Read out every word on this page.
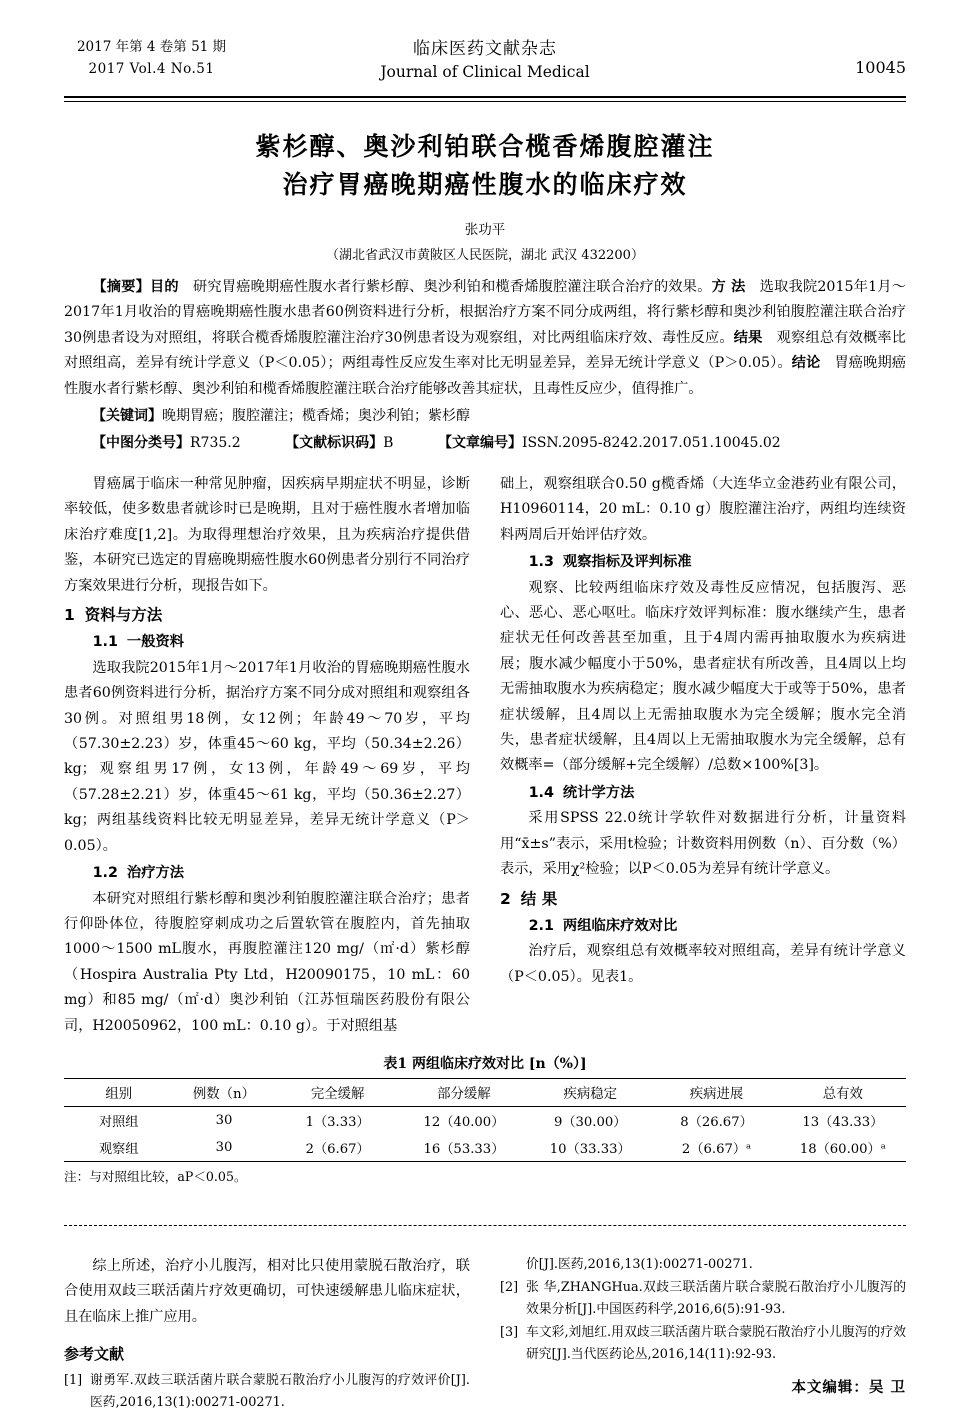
2017 年第 4 卷第 51 期
2017 Vol.4 No.51
临床医药文献杂志
Journal of Clinical Medical	10045
紫杉醇、奥沙利铂联合榄香烯腹腔灌注
治疗胃癌晚期癌性腹水的临床疗效
张功平
（湖北省武汉市黄陂区人民医院，湖北 武汉 432200）
【摘要】目的 研究胃癌晚期癌性腹水者行紫杉醇、奥沙利铂和榄香烯腹腔灌注联合治疗的效果。方 法 选取我院2015年1月～2017年1月收治的胃癌晚期癌性腹水患者60例资料进行分析，根据治疗方案不同分成两组，将行紫杉醇和奥沙利铂腹腔灌注联合治疗30例患者设为对照组，将联合榄香烯腹腔灌注治疗30例患者设为观察组，对比两组临床疗效、毒性反应。结果 观察组总有效概率比对照组高，差异有统计学意义（P＜0.05）；两组毒性反应发生率对比无明显差异，差异无统计学意义（P＞0.05）。结论 胃癌晚期癌性腹水者行紫杉醇、奥沙利铂和榄香烯腹腔灌注联合治疗能够改善其症状，且毒性反应少，值得推广。
【关键词】晚期胃癌；腹腔灌注；榄香烯；奥沙利铂；紫杉醇
【中图分类号】R735.2	【文献标识码】B	【文章编号】ISSN.2095-8242.2017.051.10045.02

胃癌属于临床一种常见肿瘤，因疾病早期症状不明显，诊断率较低，使多数患者就诊时已是晚期，且对于癌性腹水者增加临床治疗难度[1,2]。为取得理想治疗效果，且为疾病治疗提供借鉴，本研究已选定的胃癌晚期癌性腹水60例患者分别行不同治疗方案效果进行分析，现报告如下。

1 资料与方法
1.1 一般资料

选取我院2015年1月～2017年1月收治的胃癌晚期癌性腹水患者60例资料进行分析，据治疗方案不同分成对照组和观察组各30例。对照组男18例，女12例；年龄49～70岁，平均（57.30±2.23）岁，体重45～60 kg，平均（50.34±2.26）kg；观察组男17例，女13例，年龄49～69岁，平均（57.28±2.21）岁，体重45～61 kg，平均（50.36±2.27）kg；两组基线资料比较无明显差异，差异无统计学意义（P＞0.05）。

1.2 治疗方法

本研究对照组行紫杉醇和奥沙利铂腹腔灌注联合治疗；患者行仰卧体位，待腹腔穿刺成功之后置软管在腹腔内，首先抽取1000～1500 mL腹水，再腹腔灌注120 mg/（㎡·d）紫杉醇（Hospira Australia Pty Ltd，H20090175，10 mL：60 mg）和85 mg/（㎡·d）奥沙利铂（江苏恒瑞医药股份有限公司，H20050962，100 mL：0.10 g）。于对照组基

础上，观察组联合0.50 g榄香烯（大连华立金港药业有限公司，H10960114，20 mL：0.10 g）腹腔灌注治疗，两组均连续资料两周后开始评估疗效。

1.3 观察指标及评判标准

观察、比较两组临床疗效及毒性反应情况，包括腹泻、恶心、恶心、恶心呕吐。临床疗效评判标准：腹水继续产生，患者症状无任何改善甚至加重，且于4周内需再抽取腹水为疾病进展；腹水减少幅度小于50%，患者症状有所改善，且4周以上均无需抽取腹水为疾病稳定；腹水减少幅度大于或等于50%，患者症状缓解，且4周以上无需抽取腹水为完全缓解；腹水完全消失，患者症状缓解，且4周以上无需抽取腹水为完全缓解，总有效概率=（部分缓解+完全缓解）/总数×100%[3]。

1.4 统计学方法

采用SPSS 22.0统计学软件对数据进行分析，计量资料用“x̄±s”表示，采用t检验；计数资料用例数（n）、百分数（%）表示，采用χ²检验；以P＜0.05为差异有统计学意义。

2 结 果
2.1 两组临床疗效对比

治疗后，观察组总有效概率较对照组高，差异有统计学意义（P＜0.05）。见表1。

表1 两组临床疗效对比 [n（%）]
组别	例数（n）	完全缓解	部分缓解	疾病稳定	疾病进展	总有效
对照组	30	1（3.33）	12（40.00）	9（30.00）	8（26.67）	13（43.33）
观察组	30	2（6.67）	16（53.33）	10（33.33）	2（6.67）ᵃ	18（60.00）ᵃ
注：与对照组比较，aP＜0.05。

综上所述，治疗小儿腹泻，相对比只使用蒙脱石散治疗，联合使用双歧三联活菌片疗效更确切，可快速缓解患儿临床症状，且在临床上推广应用。

参考文献
[1] 谢勇军.双歧三联活菌片联合蒙脱石散治疗小儿腹泻的疗效评价[J].医药,2016,13(1):00271-00271.
价[J].医药,2016,13(1):00271-00271.
[2] 张 华,ZHANGHua.双歧三联活菌片联合蒙脱石散治疗小儿腹泻的效果分析[J].中国医药科学,2016,6(5):91-93.
[3] 车文彩,刘旭红.用双歧三联活菌片联合蒙脱石散治疗小儿腹泻的疗效研究[J].当代医药论丛,2016,14(11):92-93.
本文编辑：吴 卫
